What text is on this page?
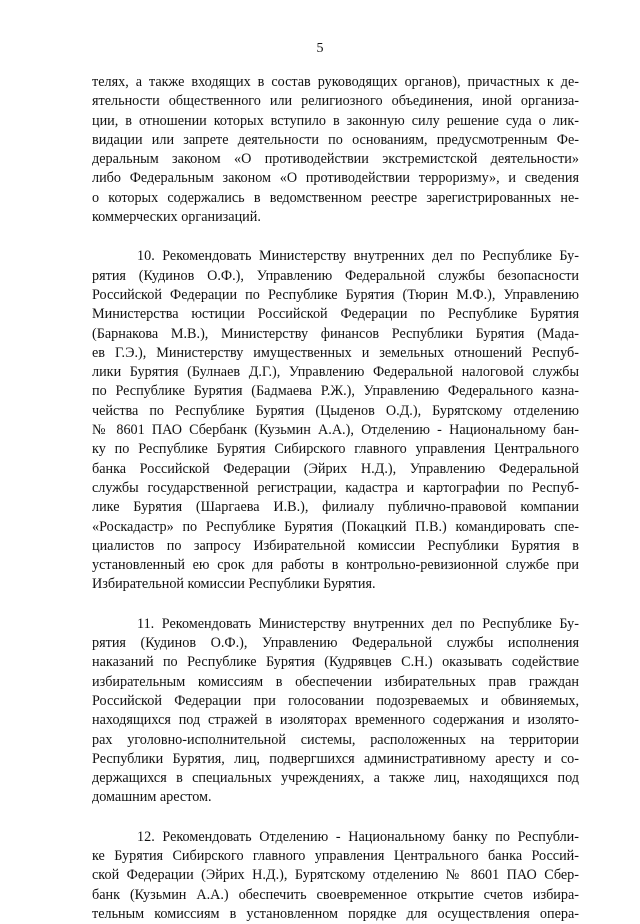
5
телях, а также входящих в состав руководящих органов), причастных к де-
ятельности общественного или религиозного объединения, иной организа-
ции, в отношении которых вступило в законную силу решение суда о лик-
видации или запрете деятельности по основаниям, предусмотренным Фе-
деральным законом «О противодействии экстремистской деятельности»
либо Федеральным законом «О противодействии терроризму», и сведения
о которых содержались в ведомственном реестре зарегистрированных не-
коммерческих организаций.
10. Рекомендовать Министерству внутренних дел по Республике Бу-
рятия (Кудинов О.Ф.), Управлению Федеральной службы безопасности
Российской Федерации по Республике Бурятия (Тюрин М.Ф.), Управлению
Министерства юстиции Российской Федерации по Республике Бурятия
(Барнакова М.В.), Министерству финансов Республики Бурятия (Мада-
ев Г.Э.), Министерству имущественных и земельных отношений Респуб-
лики Бурятия (Булнаев Д.Г.), Управлению Федеральной налоговой службы
по Республике Бурятия (Бадмаева Р.Ж.), Управлению Федерального казна-
чейства по Республике Бурятия (Цыденов О.Д.), Бурятскому отделению
№ 8601 ПАО Сбербанк (Кузьмин А.А.), Отделению - Национальному бан-
ку по Республике Бурятия Сибирского главного управления Центрального
банка Российской Федерации (Эйрих Н.Д.), Управлению Федеральной
службы государственной регистрации, кадастра и картографии по Респуб-
лике Бурятия (Шаргаева И.В.), филиалу публично-правовой компании
«Роскадастр» по Республике Бурятия (Покацкий П.В.) командировать спе-
циалистов по запросу Избирательной комиссии Республики Бурятия в
установленный ею срок для работы в контрольно-ревизионной службе при
Избирательной комиссии Республики Бурятия.
11. Рекомендовать Министерству внутренних дел по Республике Бу-
рятия (Кудинов О.Ф.), Управлению Федеральной службы исполнения
наказаний по Республике Бурятия (Кудрявцев С.Н.) оказывать содействие
избирательным комиссиям в обеспечении избирательных прав граждан
Российской Федерации при голосовании подозреваемых и обвиняемых,
находящихся под стражей в изоляторах временного содержания и изолято-
рах уголовно-исполнительной системы, расположенных на территории
Республики Бурятия, лиц, подвергшихся административному аресту и со-
держащихся в специальных учреждениях, а также лиц, находящихся под
домашним арестом.
12. Рекомендовать Отделению - Национальному банку по Республи-
ке Бурятия Сибирского главного управления Центрального банка Россий-
ской Федерации (Эйрих Н.Д.), Бурятскому отделению № 8601 ПАО Сбер-
банк (Кузьмин А.А.) обеспечить своевременное открытие счетов избира-
тельным комиссиям в установленном порядке для осуществления опера-
